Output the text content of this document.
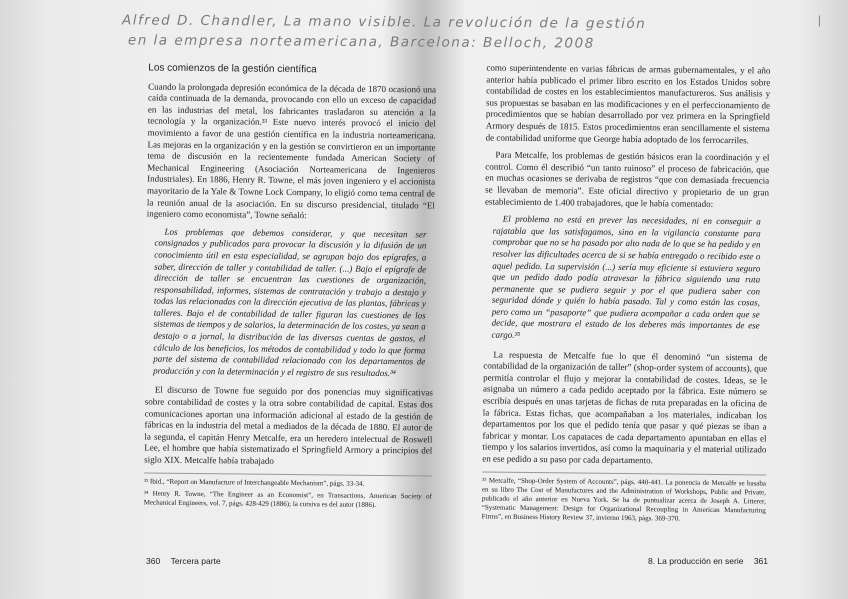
Alfred D. Chandler, La mano visible. La revolución de la gestión
en la empresa norteamericana, Barcelona: Belloch, 2008
|
Los comienzos de la gestión científica

Cuando la prolongada depresión económica de la década de 1870 ocasionó una caída continuada de la demanda, provocando con ello un exceso de capacidad en las industrias del metal, los fabricantes trasladaron su atención a la tecnología y la organización.³³ Este nuevo interés provocó el inicio del movimiento a favor de una gestión científica en la industria norteamericana. Las mejoras en la organización y en la gestión se convirtieron en un importante tema de discusión en la recientemente fundada American Society of Mechanical Engineering (Asociación Norteamericana de Ingenieros Industriales). En 1886, Henry R. Towne, el más joven ingeniero y el accionista mayoritario de la Yale & Towne Lock Company, lo eligió como tema central de la reunión anual de la asociación. En su discurso presidencial, titulado “El ingeniero como economista”, Towne señaló:

Los problemas que debemos considerar, y que necesitan ser consignados y publicados para provocar la discusión y la difusión de un conocimiento útil en esta especialidad, se agrupan bajo dos epígrafes, a saber, dirección de taller y contabilidad de taller. (...) Bajo el epígrafe de dirección de taller se encuentran las cuestiones de organización, responsabilidad, informes, sistemas de contratación y trabajo a destajo y todas las relacionadas con la dirección ejecutiva de las plantas, fábricas y talleres. Bajo el de contabilidad de taller figuran las cuestiones de los sistemas de tiempos y de salarios, la determinación de los costes, ya sean a destajo o a jornal, la distribución de las diversas cuentas de gastos, el cálculo de los beneficios, los métodos de contabilidad y todo lo que forma parte del sistema de contabilidad relacionado con los departamentos de producción y con la determinación y el registro de sus resultados.³⁴

El discurso de Towne fue seguido por dos ponencias muy significativas sobre contabilidad de costes y la otra sobre contabilidad de capital. Estas dos comunicaciones aportan una información adicional al estado de la gestión de fábricas en la industria del metal a mediados de la década de 1880. El autor de la segunda, el capitán Henry Metcalfe, era un heredero intelectual de Roswell Lee, el hombre que había sistematizado el Springfield Armory a principios del siglo XIX. Metcalfe había trabajado

³³ Ibid., “Report on Manufacture of Interchangeable Mechanism”, págs. 33-34.
³⁴ Henry R. Towne, “The Engineer as an Economist”, en Transactions, American Society of Mechanical Engineers, vol. 7, págs. 428-429 (1886); la cursiva es del autor (1886).
360 Tercera parte

como superintendente en varias fábricas de armas gubernamentales, y el año anterior había publicado el primer libro escrito en los Estados Unidos sobre contabilidad de costes en los establecimientos manufactureros. Sus análisis y sus propuestas se basaban en las modificaciones y en el perfeccionamiento de procedimientos que se habían desarrollado por vez primera en la Springfield Armory después de 1815. Estos procedimientos eran sencillamente el sistema de contabilidad uniforme que George había adoptado de los ferrocarriles.

Para Metcalfe, los problemas de gestión básicos eran la coordinación y el control. Como él describió “un tanto ruinoso” el proceso de fabricación, que en muchas ocasiones se derivaba de registros “que con demasiada frecuencia se llevaban de memoria”. Este oficial directivo y propietario de un gran establecimiento de 1.400 trabajadores, que le había comentado:

El problema no está en prever las necesidades, ni en conseguir a rajatabla que las satisfagamos, sino en la vigilancia constante para comprobar que no se ha pasado por alto nada de lo que se ha pedido y en resolver las dificultades acerca de si se había entregado o recibido este o aquel pedido. La supervisión (...) sería muy eficiente si estuviera seguro que un pedido dado podía atravesar la fábrica siguiendo una ruta permanente que se pudiera seguir y por el que pudiera saber con seguridad dónde y quién lo había pasado. Tal y como están las cosas, pero como un “pasaporte” que pudiera acompañar a cada orden que se decide, que mostrara el estado de los deberes más importantes de ese cargo.³⁵

La respuesta de Metcalfe fue lo que él denominó “un sistema de contabilidad de la organización de taller” (shop-order system of accounts), que permitía controlar el flujo y mejorar la contabilidad de costes. Ideas, se le asignaba un número a cada pedido aceptado por la fábrica. Este número se escribía después en unas tarjetas de fichas de ruta preparadas en la oficina de la fábrica. Estas fichas, que acompañaban a los materiales, indicaban los departamentos por los que el pedido tenía que pasar y qué piezas se iban a fabricar y montar. Los capataces de cada departamento apuntaban en ellas el tiempo y los salarios invertidos, así como la maquinaria y el material utilizado en ese pedido a su paso por cada departamento.

³⁵ Metcalfe, “Shop-Order System of Accounts”, págs. 440-441. La ponencia de Metcalfe se basaba en su libro The Cost of Manufactures and the Administration of Workshops, Public and Private, publicado el año anterior en Nueva York. Se ha de puntualizar acerca de Joseph A. Litterer, “Systematic Management: Design for Organizational Recoupling in American Manufacturing Firms”, en Business History Review 37, invierno 1963, págs. 369-370.
8. La producción en serie 361
